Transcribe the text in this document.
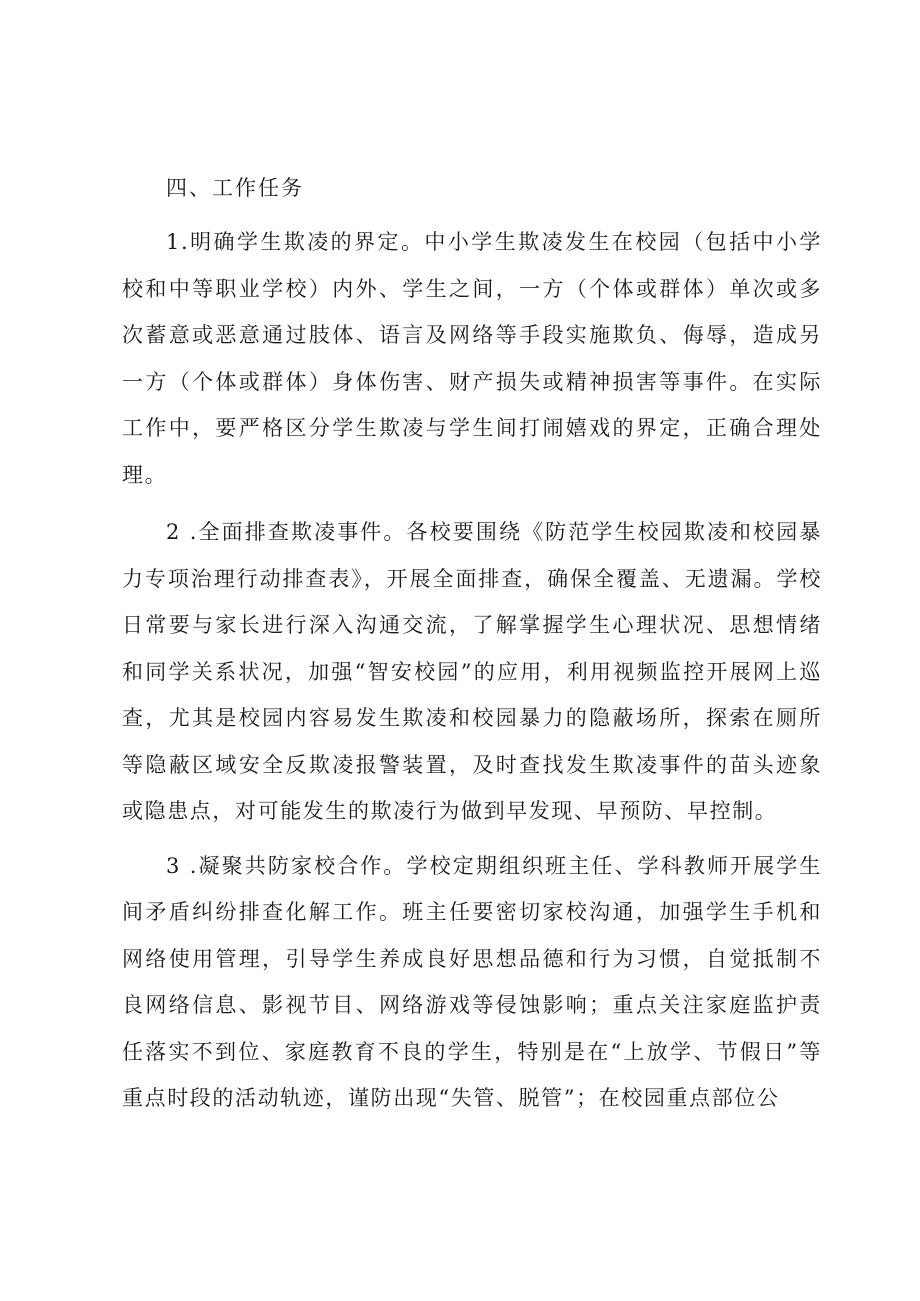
四、工作任务

1.明确学生欺凌的界定。中小学生欺凌发生在校园（包括中小学校和中等职业学校）内外、学生之间，一方（个体或群体）单次或多次蓄意或恶意通过肢体、语言及网络等手段实施欺负、侮辱，造成另一方（个体或群体）身体伤害、财产损失或精神损害等事件。在实际工作中，要严格区分学生欺凌与学生间打闹嬉戏的界定，正确合理处理。

2 .全面排查欺凌事件。各校要围绕《防范学生校园欺凌和校园暴力专项治理行动排查表》，开展全面排查，确保全覆盖、无遗漏。学校日常要与家长进行深入沟通交流，了解掌握学生心理状况、思想情绪和同学关系状况，加强“智安校园”的应用，利用视频监控开展网上巡查，尤其是校园内容易发生欺凌和校园暴力的隐蔽场所，探索在厕所等隐蔽区域安全反欺凌报警装置，及时查找发生欺凌事件的苗头迹象或隐患点，对可能发生的欺凌行为做到早发现、早预防、早控制。

3 .凝聚共防家校合作。学校定期组织班主任、学科教师开展学生间矛盾纠纷排查化解工作。班主任要密切家校沟通，加强学生手机和网络使用管理，引导学生养成良好思想品德和行为习惯，自觉抵制不良网络信息、影视节目、网络游戏等侵蚀影响；重点关注家庭监护责任落实不到位、家庭教育不良的学生，特别是在“上放学、节假日”等重点时段的活动轨迹，谨防出现“失管、脱管”；在校园重点部位公
